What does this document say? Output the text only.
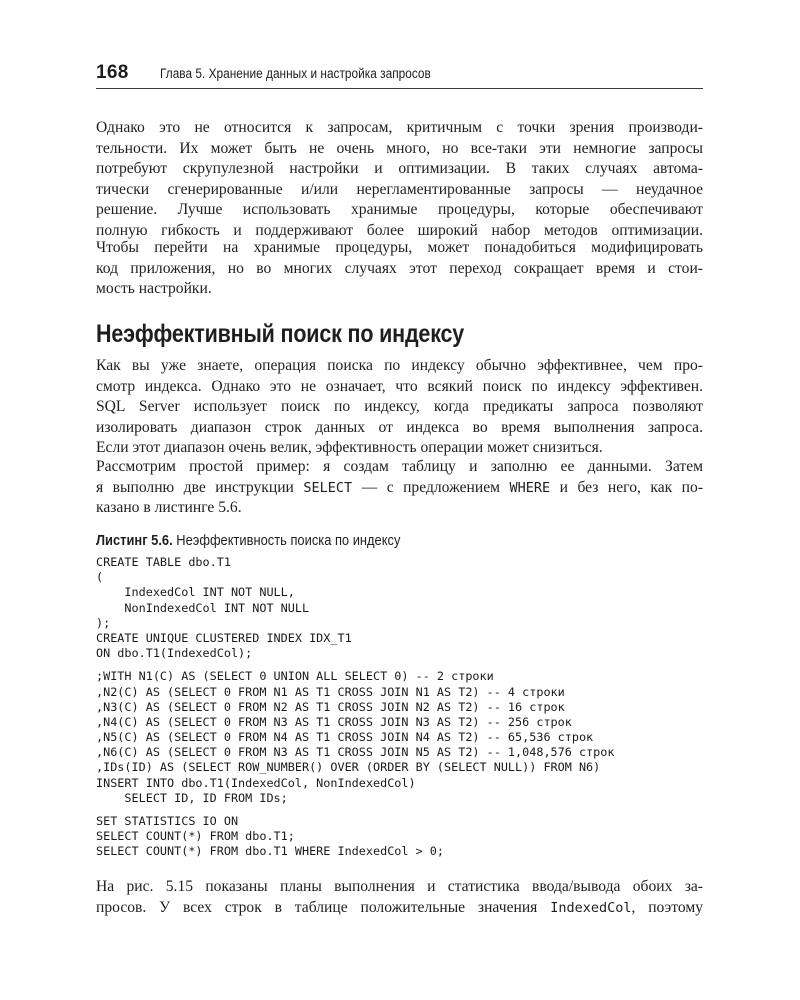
168 Глава 5. Хранение данных и настройка запросов

Однако это не относится к запросам, критичным с точки зрения производи-
тельности. Их может быть не очень много, но все-таки эти немногие запросы
потребуют скрупулезной настройки и оптимизации. В таких случаях автома-
тически сгенерированные и/или нерегламентированные запросы — неудачное
решение. Лучше использовать хранимые процедуры, которые обеспечивают
полную гибкость и поддерживают более широкий набор методов оптимизации.

Чтобы перейти на хранимые процедуры, может понадобиться модифицировать
код приложения, но во многих случаях этот переход сокращает время и стои-
мость настройки.

Неэффективный поиск по индексу

Как вы уже знаете, операция поиска по индексу обычно эффективнее, чем про-
смотр индекса. Однако это не означает, что всякий поиск по индексу эффективен.
SQL Server использует поиск по индексу, когда предикаты запроса позволяют
изолировать диапазон строк данных от индекса во время выполнения запроса.
Если этот диапазон очень велик, эффективность операции может снизиться.

Рассмотрим простой пример: я создам таблицу и заполню ее данными. Затем
я выполню две инструкции SELECT — с предложением WHERE и без него, как по-
казано в листинге 5.6.

Листинг 5.6. Неэффективность поиска по индексу
CREATE TABLE dbo.T1
(
IndexedCol INT NOT NULL,
NonIndexedCol INT NOT NULL
);
CREATE UNIQUE CLUSTERED INDEX IDX_T1
ON dbo.T1(IndexedCol);
;WITH N1(C) AS (SELECT 0 UNION ALL SELECT 0) -- 2 строки
,N2(C) AS (SELECT 0 FROM N1 AS T1 CROSS JOIN N1 AS T2) -- 4 строки
,N3(C) AS (SELECT 0 FROM N2 AS T1 CROSS JOIN N2 AS T2) -- 16 строк
,N4(C) AS (SELECT 0 FROM N3 AS T1 CROSS JOIN N3 AS T2) -- 256 строк
,N5(C) AS (SELECT 0 FROM N4 AS T1 CROSS JOIN N4 AS T2) -- 65,536 строк
,N6(C) AS (SELECT 0 FROM N3 AS T1 CROSS JOIN N5 AS T2) -- 1,048,576 строк
,IDs(ID) AS (SELECT ROW_NUMBER() OVER (ORDER BY (SELECT NULL)) FROM N6)
INSERT INTO dbo.T1(IndexedCol, NonIndexedCol)
SELECT ID, ID FROM IDs;
SET STATISTICS IO ON
SELECT COUNT(*) FROM dbo.T1;
SELECT COUNT(*) FROM dbo.T1 WHERE IndexedCol > 0;

На рис. 5.15 показаны планы выполнения и статистика ввода/вывода обоих за-
просов. У всех строк в таблице положительные значения IndexedCol, поэтому
